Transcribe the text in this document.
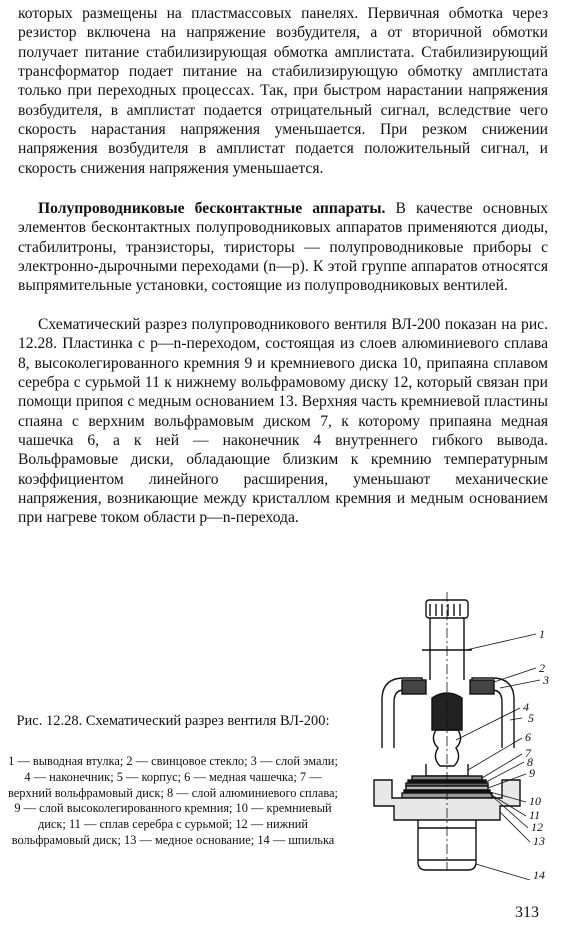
которых размещены на пластмассовых панелях. Первичная обмотка через резистор включена на напряжение возбудителя, а от вторичной обмотки получает питание стабилизирующая обмотка амплистата. Стабилизирующий трансформатор подает питание на стабилизирующую обмотку амплистата только при переходных процессах. Так, при быстром нарастании напряжения возбудителя, в амплистат подается отрицательный сигнал, вследствие чего скорость нарастания напряжения уменьшается. При резком снижении напряжения возбудителя в амплистат подается положительный сигнал, и скорость снижения напряжения уменьшается.

Полупроводниковые бесконтактные аппараты. В качестве основных элементов бесконтактных полупроводниковых аппаратов применяются диоды, стабилитроны, транзисторы, тиристоры — полупроводниковые приборы с электронно-дырочными переходами (n—p). К этой группе аппаратов относятся выпрямительные установки, состоящие из полупроводниковых вентилей.

Схематический разрез полупроводникового вентиля ВЛ-200 показан на рис. 12.28. Пластинка с p—n-переходом, состоящая из слоев алюминиевого сплава 8, высоколегированного кремния 9 и кремниевого диска 10, припаяна сплавом серебра с сурьмой 11 к нижнему вольфрамовому диску 12, который связан при помощи припоя с медным основанием 13. Верхняя часть кремниевой пластины спаяна с верхним вольфрамовым диском 7, к которому припаяна медная чашечка 6, а к ней — наконечник 4 внутреннего гибкого вывода. Вольфрамовые диски, обладающие близким к кремнию температурным коэффициентом линейного расширения, уменьшают механические напряжения, возникающие между кристаллом кремния и медным основанием при нагреве током области p—n-перехода.

1
2
3
4
5
6
7
8
9
10
11
12
13
14
Рис. 12.28. Схематический разрез вентиля ВЛ-200:
1 — выводная втулка; 2 — свинцовое стекло; 3 — слой эмали; 4 — наконечник; 5 — корпус; 6 — медная чашечка; 7 — верхний вольфрамовый диск; 8 — слой алюминиевого сплава; 9 — слой высоколегированного кремния; 10 — кремниевый диск; 11 — сплав серебра с сурьмой; 12 — нижний вольфрамовый диск; 13 — медное основание; 14 — шпилька
313
